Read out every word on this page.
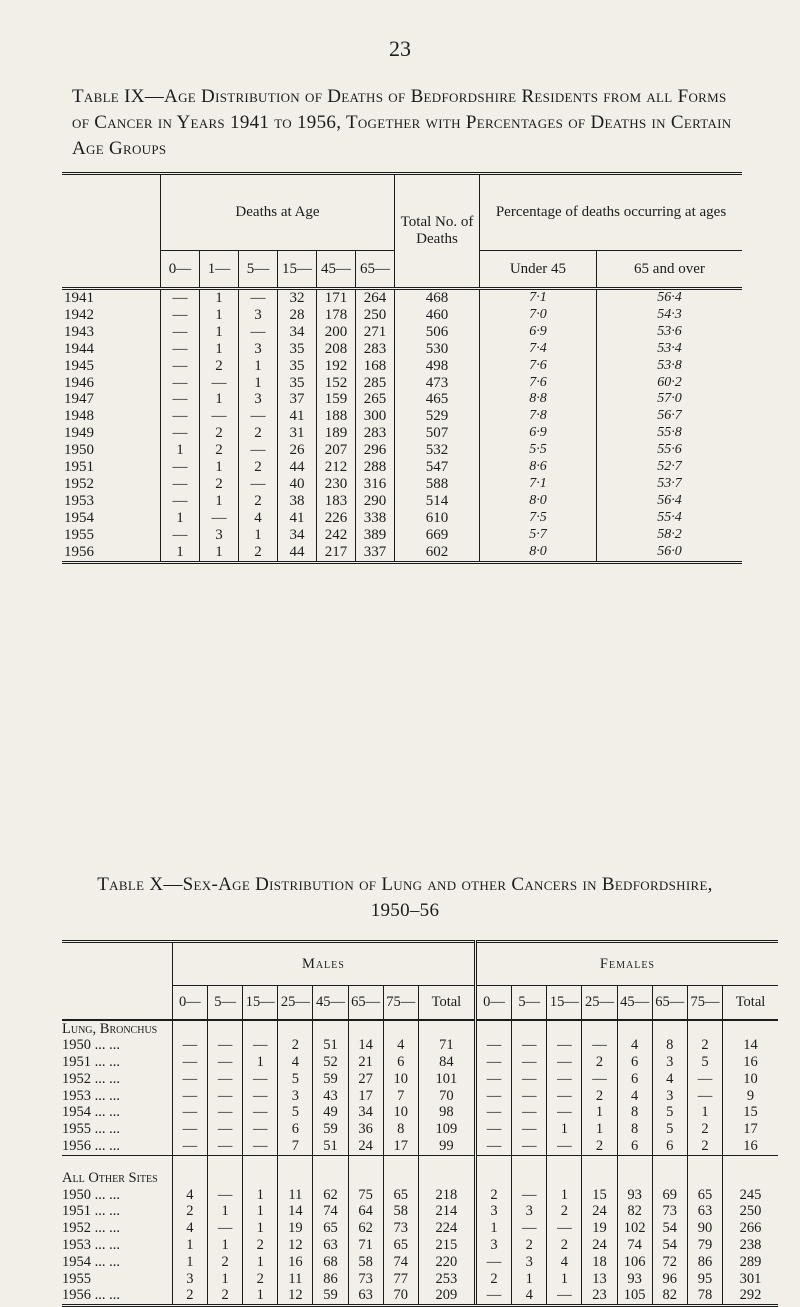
23
Table IX—Age Distribution of Deaths of Bedfordshire Residents from all Forms of Cancer in Years 1941 to 1956, Together with Percentages of Deaths in Certain Age Groups
	Deaths at Age						Total No. of Deaths	Percentage of deaths occurring at ages	
	0—	1—	5—	15—	45—	65—		Under 45	65 and over
1941	—	1	—	32	171	264	468	7·1	56·4
1942	—	1	3	28	178	250	460	7·0	54·3
1943	—	1	—	34	200	271	506	6·9	53·6
1944	—	1	3	35	208	283	530	7·4	53·4
1945	—	2	1	35	192	168	498	7·6	53·8
1946	—	—	1	35	152	285	473	7·6	60·2
1947	—	1	3	37	159	265	465	8·8	57·0
1948	—	—	—	41	188	300	529	7·8	56·7
1949	—	2	2	31	189	283	507	6·9	55·8
1950	1	2	—	26	207	296	532	5·5	55·6
1951	—	1	2	44	212	288	547	8·6	52·7
1952	—	2	—	40	230	316	588	7·1	53·7
1953	—	1	2	38	183	290	514	8·0	56·4
1954	1	—	4	41	226	338	610	7·5	55·4
1955	—	3	1	34	242	389	669	5·7	58·2
1956	1	1	2	44	217	337	602	8·0	56·0
Table X—Sex-Age Distribution of Lung and other Cancers in Bedfordshire, 1950–56
	Males								Females							
	0—	5—	15—	25—	45—	65—	75—	Total	0—	5—	15—	25—	45—	65—	75—	Total
Lung, Bronchus																
1950 ... ...	—	—	—	2	51	14	4	71	—	—	—	—	4	8	2	14
1951 ... ...	—	—	1	4	52	21	6	84	—	—	—	2	6	3	5	16
1952 ... ...	—	—	—	5	59	27	10	101	—	—	—	—	6	4	—	10
1953 ... ...	—	—	—	3	43	17	7	70	—	—	—	2	4	3	—	9
1954 ... ...	—	—	—	5	49	34	10	98	—	—	—	1	8	5	1	15
1955 ... ...	—	—	—	6	59	36	8	109	—	—	1	1	8	5	2	17
1956 ... ...	—	—	—	7	51	24	17	99	—	—	—	2	6	6	2	16

All Other Sites																
1950 ... ...	4	—	1	11	62	75	65	218	2	—	1	15	93	69	65	245
1951 ... ...	2	1	1	14	74	64	58	214	3	3	2	24	82	73	63	250
1952 ... ...	4	—	1	19	65	62	73	224	1	—	—	19	102	54	90	266
1953 ... ...	1	1	2	12	63	71	65	215	3	2	2	24	74	54	79	238
1954 ... ...	1	2	1	16	68	58	74	220	—	3	4	18	106	72	86	289
1955	3	1	2	11	86	73	77	253	2	1	1	13	93	96	95	301
1956 ... ...	2	2	1	12	59	63	70	209	—	4	—	23	105	82	78	292
